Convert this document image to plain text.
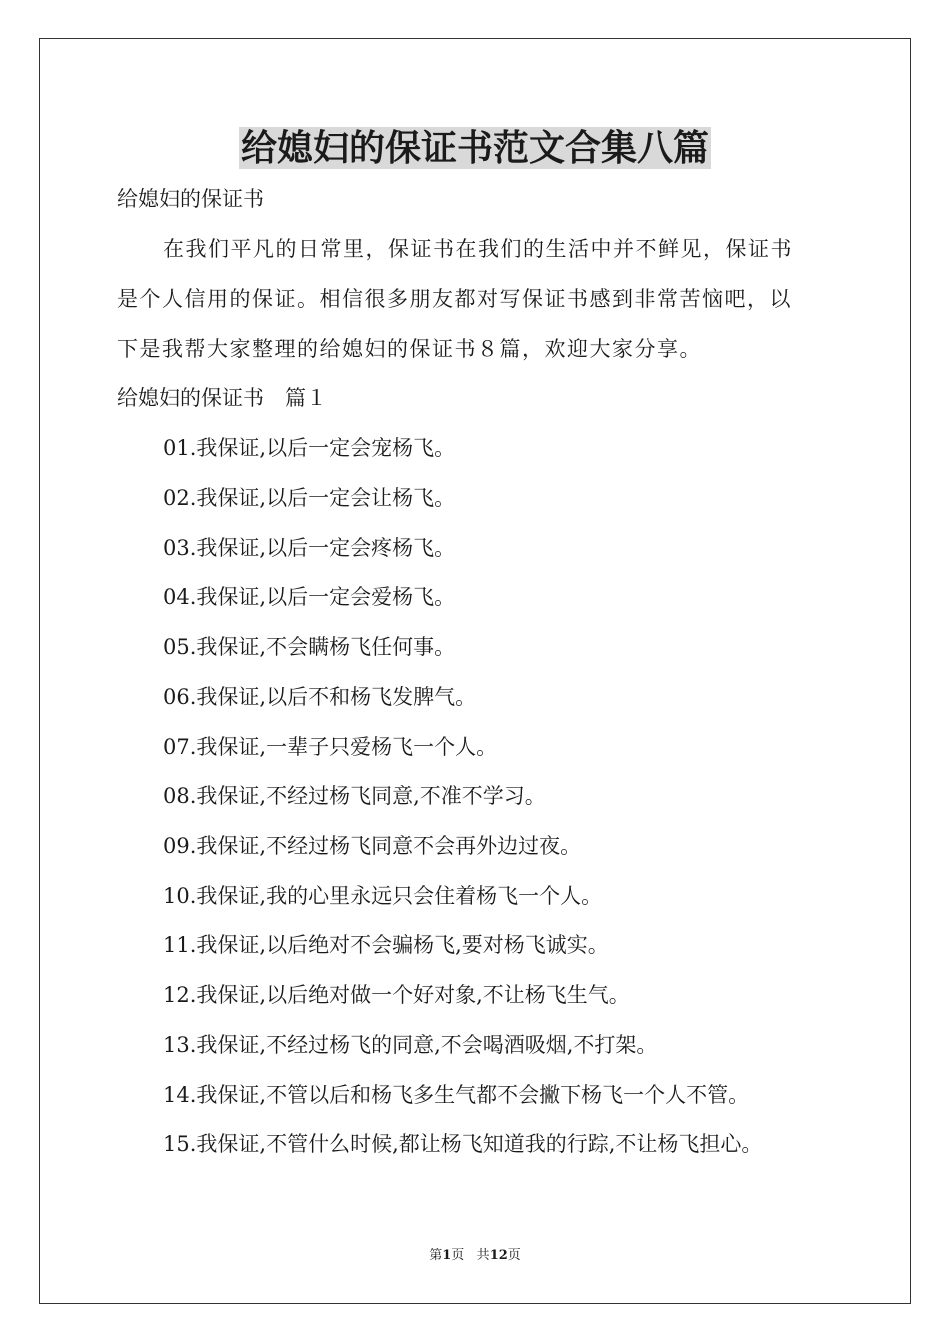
给媳妇的保证书范文合集八篇
给媳妇的保证书
在我们平凡的日常里，保证书在我们的生活中并不鲜见，保证书
是个人信用的保证。相信很多朋友都对写保证书感到非常苦恼吧，以
下是我帮大家整理的给媳妇的保证书８篇，欢迎大家分享。
给媳妇的保证书　篇１
01.我保证,以后一定会宠杨飞。
02.我保证,以后一定会让杨飞。
03.我保证,以后一定会疼杨飞。
04.我保证,以后一定会爱杨飞。
05.我保证,不会瞒杨飞任何事。
06.我保证,以后不和杨飞发脾气。
07.我保证,一辈子只爱杨飞一个人。
08.我保证,不经过杨飞同意,不准不学习。
09.我保证,不经过杨飞同意不会再外边过夜。
10.我保证,我的心里永远只会住着杨飞一个人。
11.我保证,以后绝对不会骗杨飞,要对杨飞诚实。
12.我保证,以后绝对做一个好对象,不让杨飞生气。
13.我保证,不经过杨飞的同意,不会喝酒吸烟,不打架。
14.我保证,不管以后和杨飞多生气都不会撇下杨飞一个人不管。
15.我保证,不管什么时候,都让杨飞知道我的行踪,不让杨飞担心。
第1页 共12页
